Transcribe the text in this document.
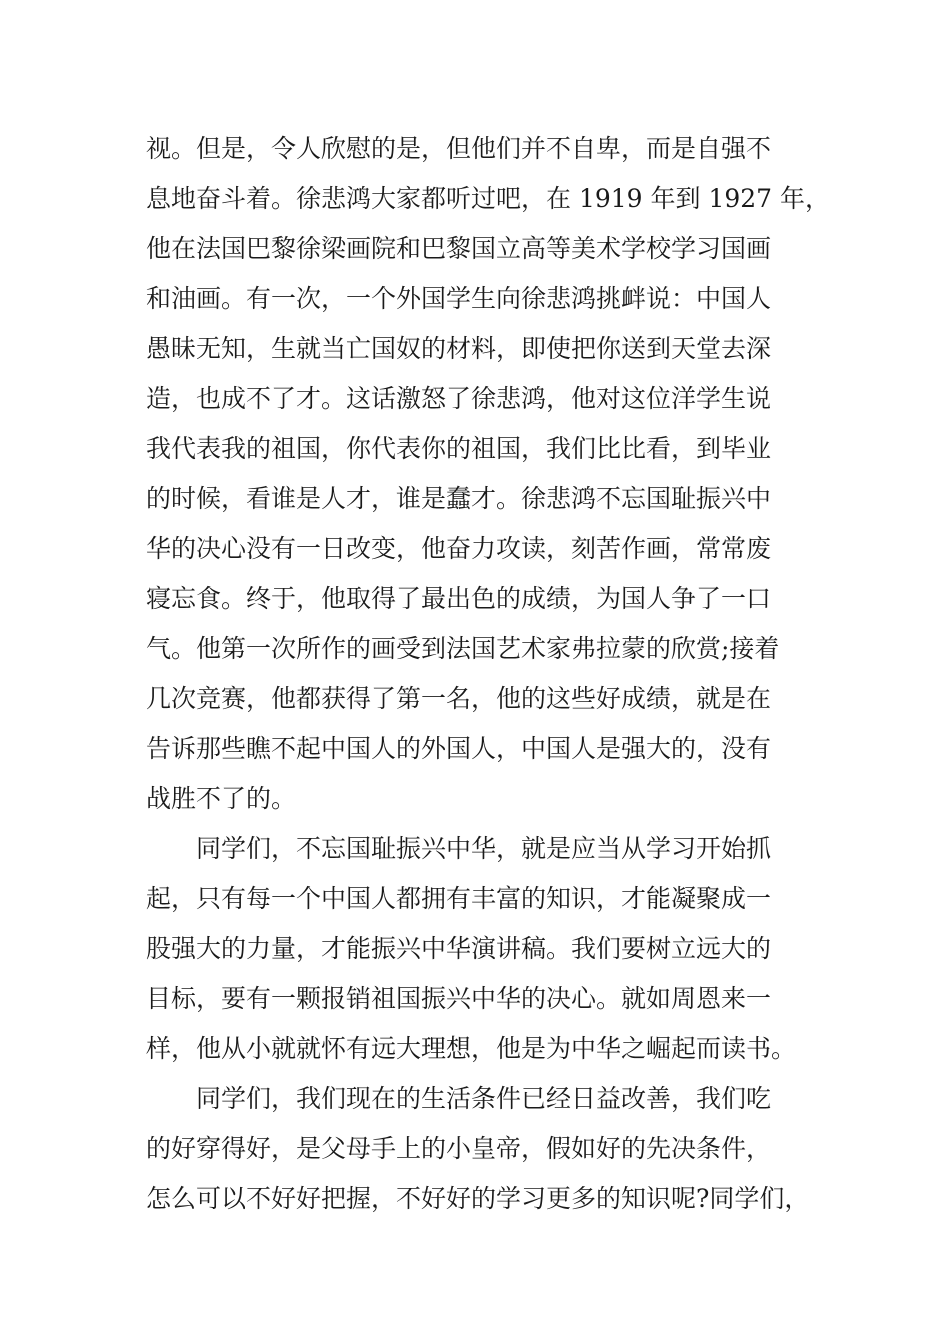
视。但是，令人欣慰的是，但他们并不自卑，而是自强不
息地奋斗着。徐悲鸿大家都听过吧，在 1919 年到 1927 年，
他在法国巴黎徐梁画院和巴黎国立高等美术学校学习国画
和油画。有一次，一个外国学生向徐悲鸿挑衅说：中国人
愚昧无知，生就当亡国奴的材料，即使把你送到天堂去深
造，也成不了才。这话激怒了徐悲鸿，他对这位洋学生说
我代表我的祖国，你代表你的祖国，我们比比看，到毕业
的时候，看谁是人才，谁是蠢才。徐悲鸿不忘国耻振兴中
华的决心没有一日改变，他奋力攻读，刻苦作画，常常废
寝忘食。终于，他取得了最出色的成绩，为国人争了一口
气。他第一次所作的画受到法国艺术家弗拉蒙的欣赏;接着
几次竞赛，他都获得了第一名，他的这些好成绩，就是在
告诉那些瞧不起中国人的外国人，中国人是强大的，没有
战胜不了的。
同学们，不忘国耻振兴中华，就是应当从学习开始抓
起，只有每一个中国人都拥有丰富的知识，才能凝聚成一
股强大的力量，才能振兴中华演讲稿。我们要树立远大的
目标，要有一颗报销祖国振兴中华的决心。就如周恩来一
样，他从小就就怀有远大理想，他是为中华之崛起而读书。
同学们，我们现在的生活条件已经日益改善，我们吃
的好穿得好，是父母手上的小皇帝，假如好的先决条件，
怎么可以不好好把握，不好好的学习更多的知识呢?同学们，
